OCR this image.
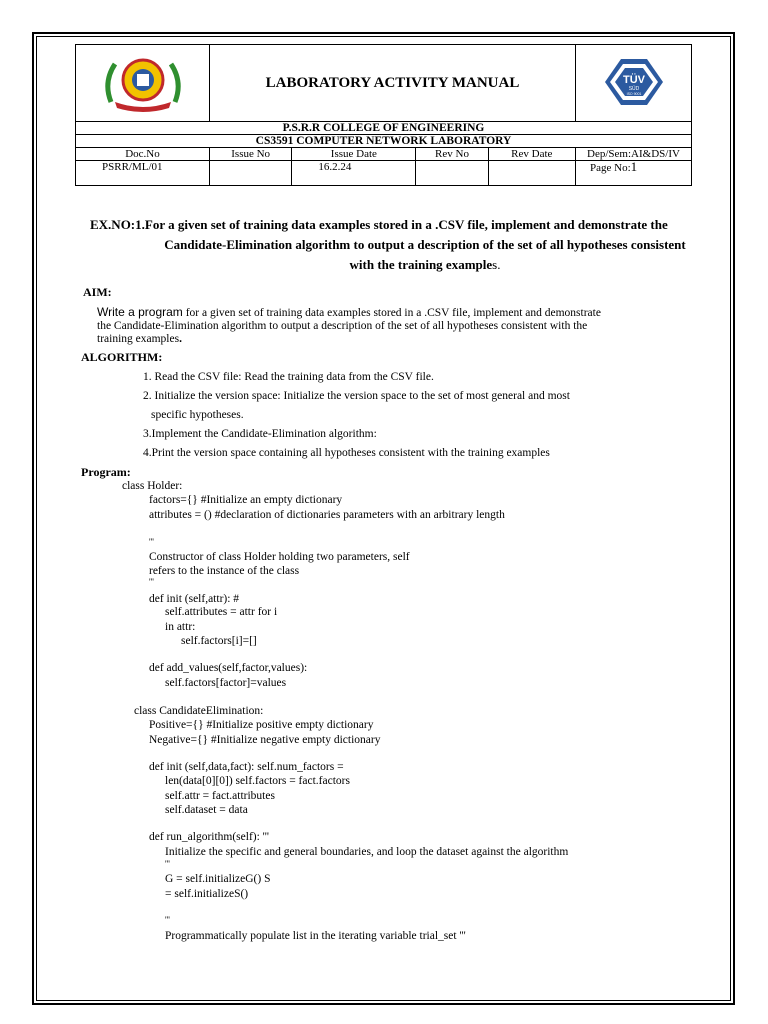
	LABORATORY ACTIVITY MANUAL				TÜV
SÜD
ISO 9001

P.S.R.R COLLEGE OF ENGINEERING					
CS3591 COMPUTER NETWORK LABORATORY					
Doc.No	Issue No	Issue Date	Rev No	Rev Date	Dep/Sem:AI&DS/IV
PSRR/ML/01		16.2.24			Page No:1
EX.NO:1.For a given set of training data examples stored in a .CSV file, implement and demonstrate the
Candidate-Elimination algorithm to output a description of the set of all hypotheses consistent
with the training examples.
AIM:
Write a program for a given set of training data examples stored in a .CSV file, implement and demonstrate
the Candidate-Elimination algorithm to output a description of the set of all hypotheses consistent with the
training examples.
ALGORITHM:
1. Read the CSV file: Read the training data from the CSV file.
2. Initialize the version space: Initialize the version space to the set of most general and most
specific hypotheses.
3.Implement the Candidate-Elimination algorithm:
4.Print the version space containing all hypotheses consistent with the training examples
Program:
class Holder:
factors={} #Initialize an empty dictionary
attributes = () #declaration of dictionaries parameters with an arbitrary length
'''
Constructor of class Holder holding two parameters, self
refers to the instance of the class
'''
def init (self,attr): #
self.attributes = attr for i
in attr:
self.factors[i]=[]
def add_values(self,factor,values):
self.factors[factor]=values
class CandidateElimination:
Positive={} #Initialize positive empty dictionary
Negative={} #Initialize negative empty dictionary
def init (self,data,fact): self.num_factors =
len(data[0][0]) self.factors = fact.factors
self.attr = fact.attributes
self.dataset = data
def run_algorithm(self): '''
Initialize the specific and general boundaries, and loop the dataset against the algorithm
'''
G = self.initializeG() S
= self.initializeS()
'''
Programmatically populate list in the iterating variable trial_set '''
